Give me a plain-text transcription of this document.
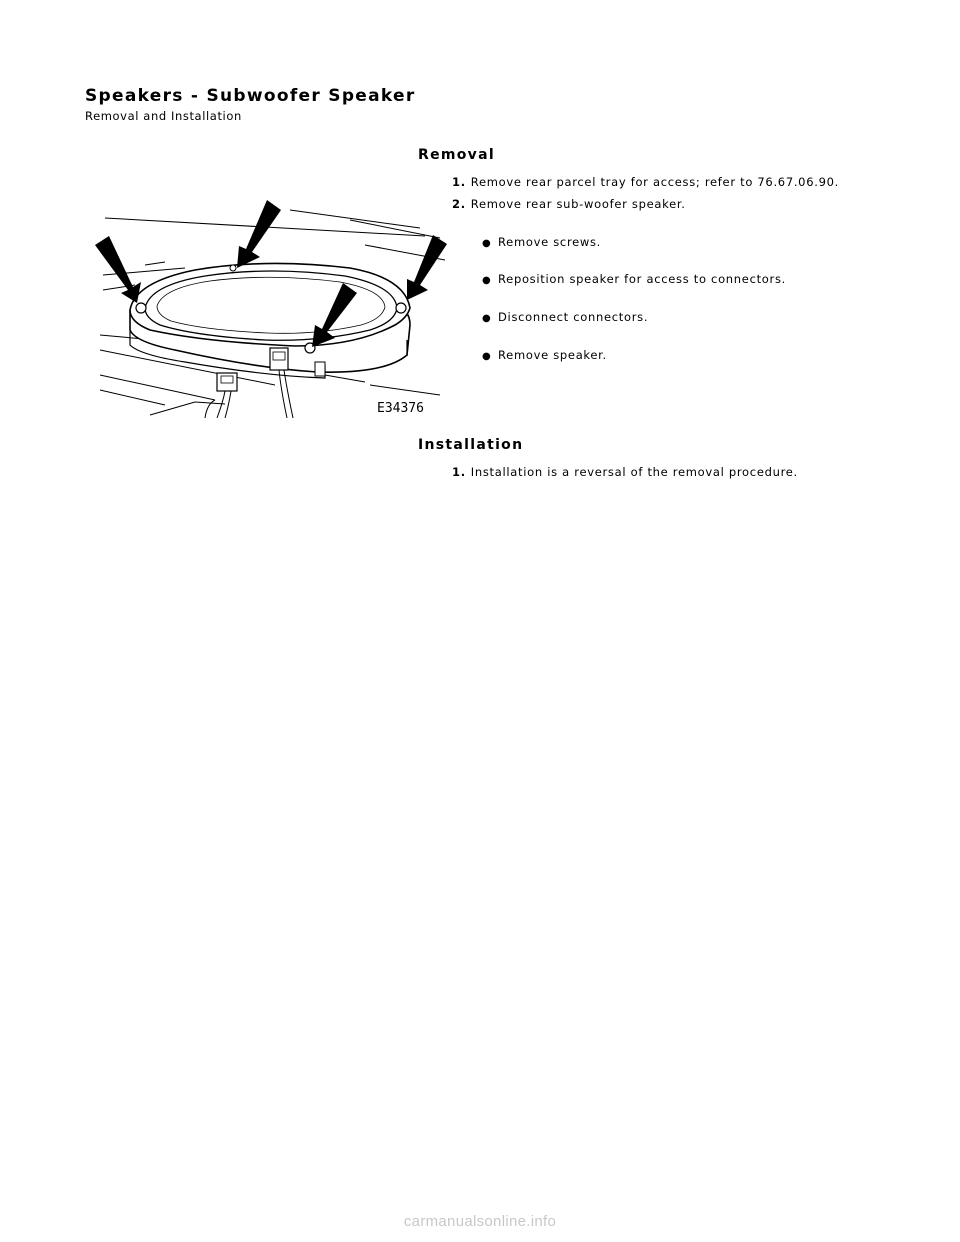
Speakers - Subwoofer Speaker
Removal and Installation
Removal
1. Remove rear parcel tray for access; refer to 76.67.06.90.
2. Remove rear sub-woofer speaker.
● Remove screws.
● Reposition speaker for access to connectors.
● Disconnect connectors.
● Remove speaker.
E34376
Installation
1. Installation is a reversal of the removal procedure.
carmanualsonline.info
